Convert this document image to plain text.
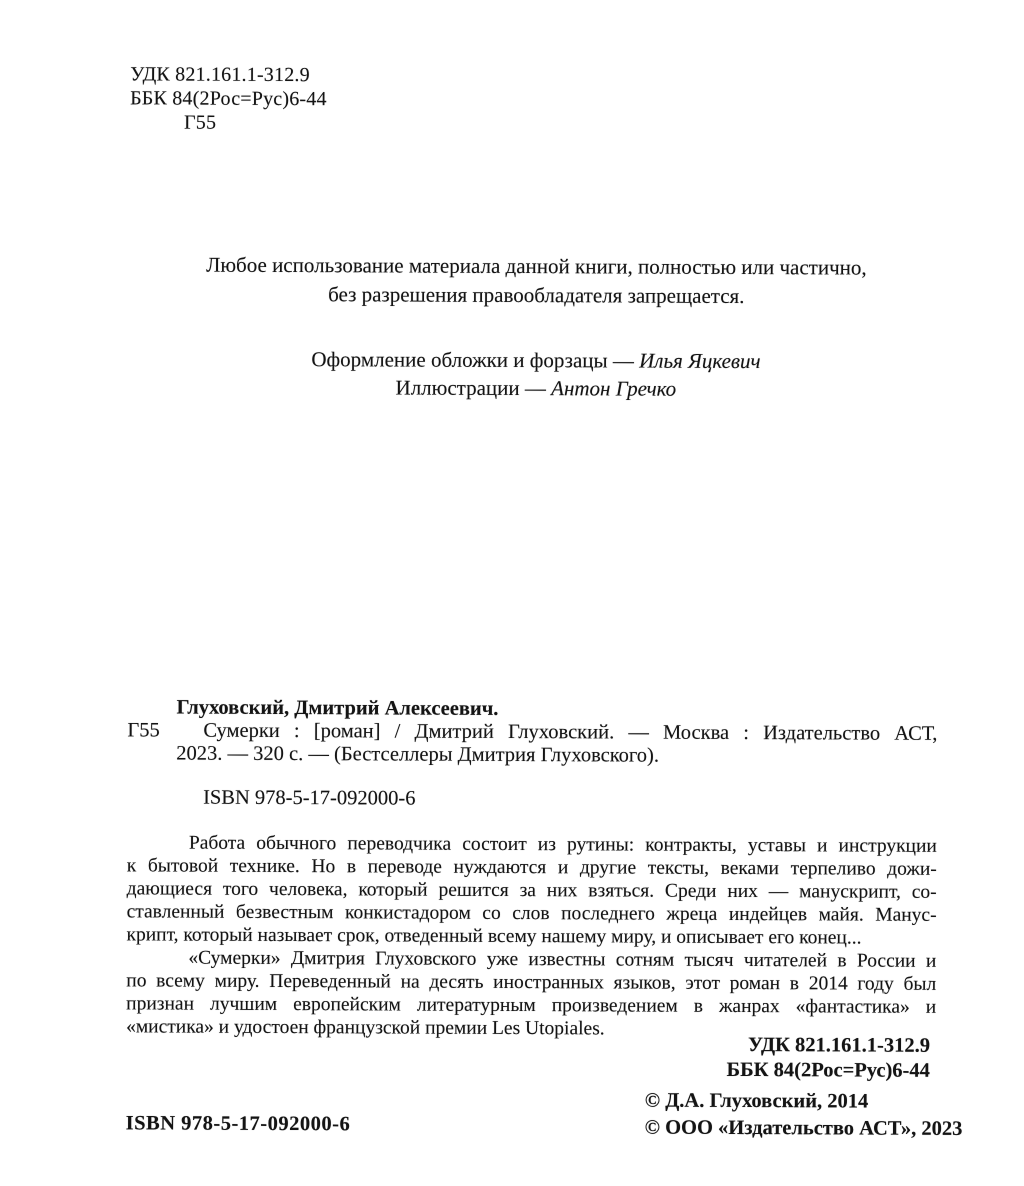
УДК 821.161.1-312.9
ББК 84(2Рос=Рус)6-44
Г55
Любое использование материала данной книги, полностью или частично,
без разрешения правообладателя запрещается.
Оформление обложки и форзацы — Илья Яцкевич
Иллюстрации — Антон Гречко
Глуховский, Дмитрий Алексеевич.
Г55	Сумерки : [роман] / Дмитрий Глуховский. — Москва : Издательство АСТ,
2023. — 320 с. — (Бестселлеры Дмитрия Глуховского).
ISBN 978-5-17-092000-6
Работа обычного переводчика состоит из рутины: контракты, уставы и инструкции
к бытовой технике. Но в переводе нуждаются и другие тексты, веками терпеливо дожи-
дающиеся того человека, который решится за них взяться. Среди них — манускрипт, со-
ставленный безвестным конкистадором со слов последнего жреца индейцев майя. Манус-
крипт, который называет срок, отведенный всему нашему миру, и описывает его конец...
«Сумерки» Дмитрия Глуховского уже известны сотням тысяч читателей в России и
по всему миру. Переведенный на десять иностранных языков, этот роман в 2014 году был
признан лучшим европейским литературным произведением в жанрах «фантастика» и
«мистика» и удостоен французской премии Les Utopiales.
УДК 821.161.1-312.9
ББК 84(2Рос=Рус)6-44
© Д.А. Глуховский, 2014
© ООО «Издательство АСТ», 2023
ISBN 978-5-17-092000-6
